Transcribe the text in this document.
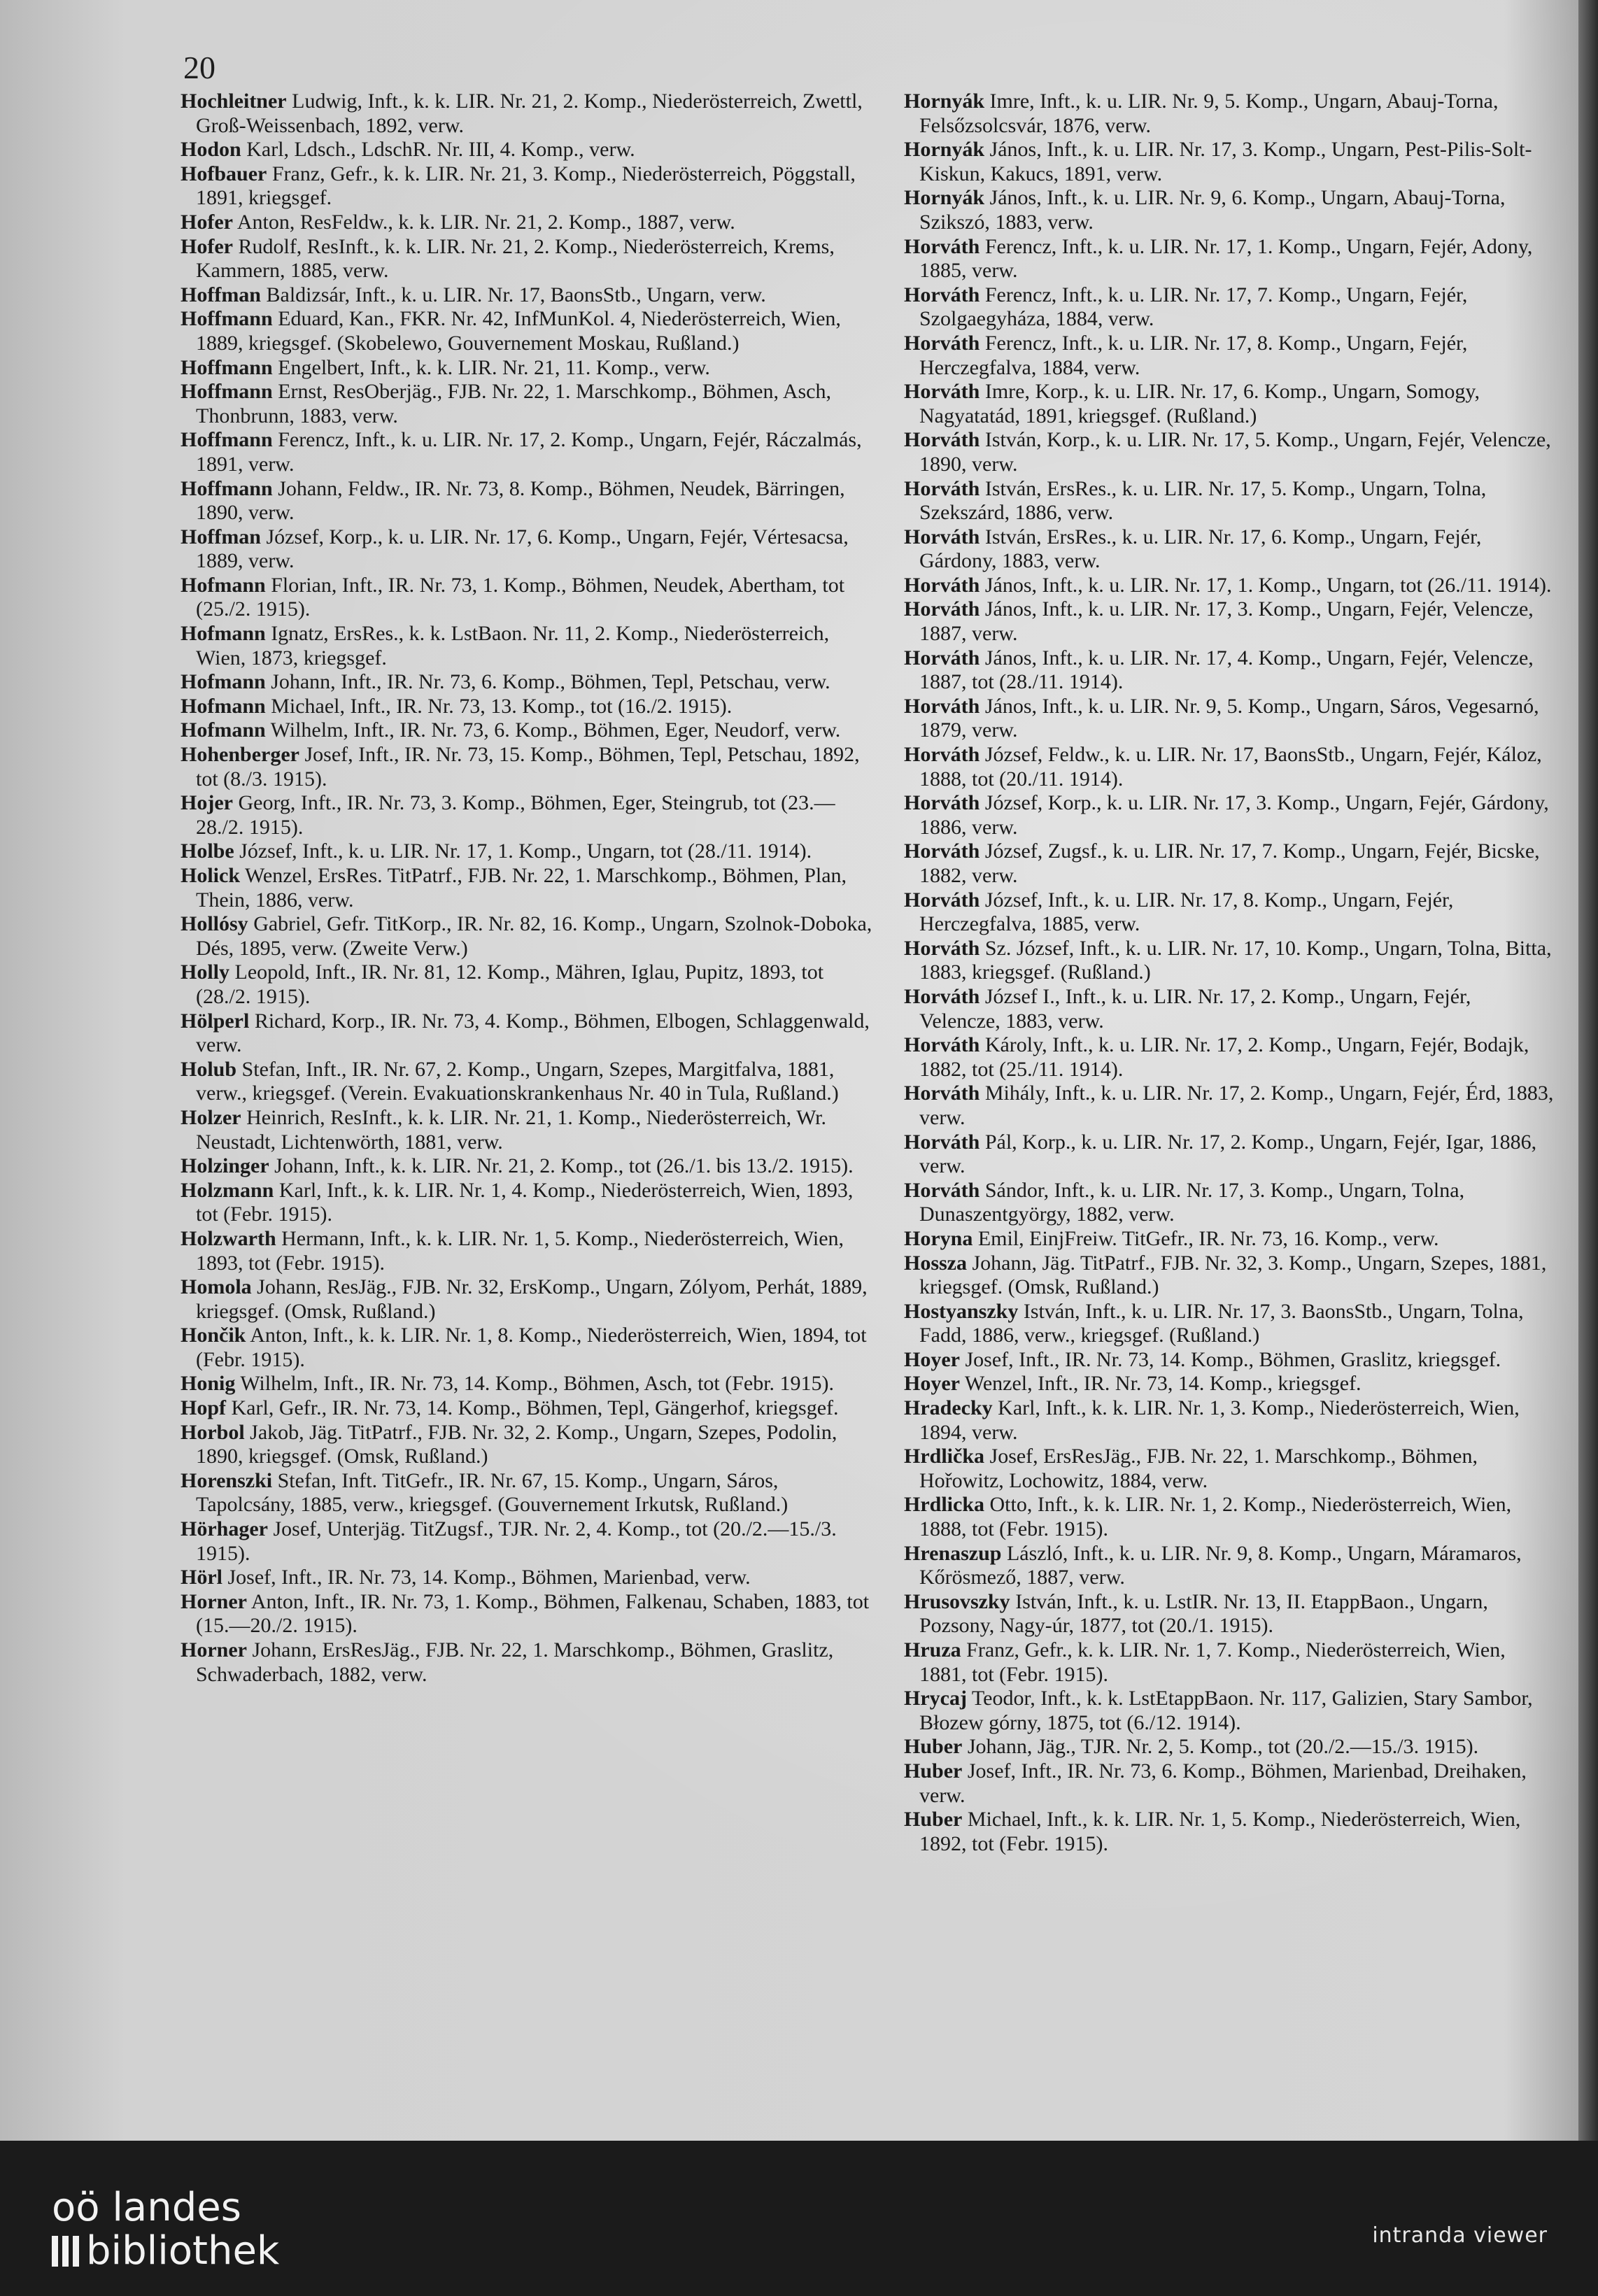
20

Hochleitner Ludwig, Inft., k. k. LIR. Nr. 21, 2. Komp., Niederösterreich, Zwettl, Groß-Weissenbach, 1892, verw.

Hodon Karl, Ldsch., LdschR. Nr. III, 4. Komp., verw.

Hofbauer Franz, Gefr., k. k. LIR. Nr. 21, 3. Komp., Niederösterreich, Pöggstall, 1891, kriegsgef.

Hofer Anton, ResFeldw., k. k. LIR. Nr. 21, 2. Komp., 1887, verw.

Hofer Rudolf, ResInft., k. k. LIR. Nr. 21, 2. Komp., Niederösterreich, Krems, Kammern, 1885, verw.

Hoffman Baldizsár, Inft., k. u. LIR. Nr. 17, BaonsStb., Ungarn, verw.

Hoffmann Eduard, Kan., FKR. Nr. 42, InfMunKol. 4, Niederösterreich, Wien, 1889, kriegsgef. (Skobelewo, Gouvernement Moskau, Rußland.)

Hoffmann Engelbert, Inft., k. k. LIR. Nr. 21, 11. Komp., verw.

Hoffmann Ernst, ResOberjäg., FJB. Nr. 22, 1. Marschkomp., Böhmen, Asch, Thonbrunn, 1883, verw.

Hoffmann Ferencz, Inft., k. u. LIR. Nr. 17, 2. Komp., Ungarn, Fejér, Ráczalmás, 1891, verw.

Hoffmann Johann, Feldw., IR. Nr. 73, 8. Komp., Böhmen, Neudek, Bärringen, 1890, verw.

Hoffman József, Korp., k. u. LIR. Nr. 17, 6. Komp., Ungarn, Fejér, Vértesacsa, 1889, verw.

Hofmann Florian, Inft., IR. Nr. 73, 1. Komp., Böhmen, Neudek, Abertham, tot (25./2. 1915).

Hofmann Ignatz, ErsRes., k. k. LstBaon. Nr. 11, 2. Komp., Niederösterreich, Wien, 1873, kriegsgef.

Hofmann Johann, Inft., IR. Nr. 73, 6. Komp., Böhmen, Tepl, Petschau, verw.

Hofmann Michael, Inft., IR. Nr. 73, 13. Komp., tot (16./2. 1915).

Hofmann Wilhelm, Inft., IR. Nr. 73, 6. Komp., Böhmen, Eger, Neudorf, verw.

Hohenberger Josef, Inft., IR. Nr. 73, 15. Komp., Böhmen, Tepl, Petschau, 1892, tot (8./3. 1915).

Hojer Georg, Inft., IR. Nr. 73, 3. Komp., Böhmen, Eger, Steingrub, tot (23.—28./2. 1915).

Holbe József, Inft., k. u. LIR. Nr. 17, 1. Komp., Ungarn, tot (28./11. 1914).

Holick Wenzel, ErsRes. TitPatrf., FJB. Nr. 22, 1. Marschkomp., Böhmen, Plan, Thein, 1886, verw.

Hollósy Gabriel, Gefr. TitKorp., IR. Nr. 82, 16. Komp., Ungarn, Szolnok-Doboka, Dés, 1895, verw. (Zweite Verw.)

Holly Leopold, Inft., IR. Nr. 81, 12. Komp., Mähren, Iglau, Pupitz, 1893, tot (28./2. 1915).

Hölperl Richard, Korp., IR. Nr. 73, 4. Komp., Böhmen, Elbogen, Schlaggenwald, verw.

Holub Stefan, Inft., IR. Nr. 67, 2. Komp., Ungarn, Szepes, Margitfalva, 1881, verw., kriegsgef. (Verein. Evakuationskrankenhaus Nr. 40 in Tula, Rußland.)

Holzer Heinrich, ResInft., k. k. LIR. Nr. 21, 1. Komp., Niederösterreich, Wr. Neustadt, Lichtenwörth, 1881, verw.

Holzinger Johann, Inft., k. k. LIR. Nr. 21, 2. Komp., tot (26./1. bis 13./2. 1915).

Holzmann Karl, Inft., k. k. LIR. Nr. 1, 4. Komp., Niederösterreich, Wien, 1893, tot (Febr. 1915).

Holzwarth Hermann, Inft., k. k. LIR. Nr. 1, 5. Komp., Niederösterreich, Wien, 1893, tot (Febr. 1915).

Homola Johann, ResJäg., FJB. Nr. 32, ErsKomp., Ungarn, Zólyom, Perhát, 1889, kriegsgef. (Omsk, Rußland.)

Hončik Anton, Inft., k. k. LIR. Nr. 1, 8. Komp., Niederösterreich, Wien, 1894, tot (Febr. 1915).

Honig Wilhelm, Inft., IR. Nr. 73, 14. Komp., Böhmen, Asch, tot (Febr. 1915).

Hopf Karl, Gefr., IR. Nr. 73, 14. Komp., Böhmen, Tepl, Gängerhof, kriegsgef.

Horbol Jakob, Jäg. TitPatrf., FJB. Nr. 32, 2. Komp., Ungarn, Szepes, Podolin, 1890, kriegsgef. (Omsk, Rußland.)

Horenszki Stefan, Inft. TitGefr., IR. Nr. 67, 15. Komp., Ungarn, Sáros, Tapolcsány, 1885, verw., kriegsgef. (Gouvernement Irkutsk, Rußland.)

Hörhager Josef, Unterjäg. TitZugsf., TJR. Nr. 2, 4. Komp., tot (20./2.—15./3. 1915).

Hörl Josef, Inft., IR. Nr. 73, 14. Komp., Böhmen, Marienbad, verw.

Horner Anton, Inft., IR. Nr. 73, 1. Komp., Böhmen, Falkenau, Schaben, 1883, tot (15.—20./2. 1915).

Horner Johann, ErsResJäg., FJB. Nr. 22, 1. Marschkomp., Böhmen, Graslitz, Schwaderbach, 1882, verw.

Hornyák Imre, Inft., k. u. LIR. Nr. 9, 5. Komp., Ungarn, Abauj-Torna, Felsőzsolcsvár, 1876, verw.

Hornyák János, Inft., k. u. LIR. Nr. 17, 3. Komp., Ungarn, Pest-Pilis-Solt-Kiskun, Kakucs, 1891, verw.

Hornyák János, Inft., k. u. LIR. Nr. 9, 6. Komp., Ungarn, Abauj-Torna, Szikszó, 1883, verw.

Horváth Ferencz, Inft., k. u. LIR. Nr. 17, 1. Komp., Ungarn, Fejér, Adony, 1885, verw.

Horváth Ferencz, Inft., k. u. LIR. Nr. 17, 7. Komp., Ungarn, Fejér, Szolgaegyháza, 1884, verw.

Horváth Ferencz, Inft., k. u. LIR. Nr. 17, 8. Komp., Ungarn, Fejér, Herczegfalva, 1884, verw.

Horváth Imre, Korp., k. u. LIR. Nr. 17, 6. Komp., Ungarn, Somogy, Nagyatatád, 1891, kriegsgef. (Rußland.)

Horváth István, Korp., k. u. LIR. Nr. 17, 5. Komp., Ungarn, Fejér, Velencze, 1890, verw.

Horváth István, ErsRes., k. u. LIR. Nr. 17, 5. Komp., Ungarn, Tolna, Szekszárd, 1886, verw.

Horváth István, ErsRes., k. u. LIR. Nr. 17, 6. Komp., Ungarn, Fejér, Gárdony, 1883, verw.

Horváth János, Inft., k. u. LIR. Nr. 17, 1. Komp., Ungarn, tot (26./11. 1914).

Horváth János, Inft., k. u. LIR. Nr. 17, 3. Komp., Ungarn, Fejér, Velencze, 1887, verw.

Horváth János, Inft., k. u. LIR. Nr. 17, 4. Komp., Ungarn, Fejér, Velencze, 1887, tot (28./11. 1914).

Horváth János, Inft., k. u. LIR. Nr. 9, 5. Komp., Ungarn, Sáros, Vegesarnó, 1879, verw.

Horváth József, Feldw., k. u. LIR. Nr. 17, BaonsStb., Ungarn, Fejér, Káloz, 1888, tot (20./11. 1914).

Horváth József, Korp., k. u. LIR. Nr. 17, 3. Komp., Ungarn, Fejér, Gárdony, 1886, verw.

Horváth József, Zugsf., k. u. LIR. Nr. 17, 7. Komp., Ungarn, Fejér, Bicske, 1882, verw.

Horváth József, Inft., k. u. LIR. Nr. 17, 8. Komp., Ungarn, Fejér, Herczegfalva, 1885, verw.

Horváth Sz. József, Inft., k. u. LIR. Nr. 17, 10. Komp., Ungarn, Tolna, Bitta, 1883, kriegsgef. (Rußland.)

Horváth József I., Inft., k. u. LIR. Nr. 17, 2. Komp., Ungarn, Fejér, Velencze, 1883, verw.

Horváth Károly, Inft., k. u. LIR. Nr. 17, 2. Komp., Ungarn, Fejér, Bodajk, 1882, tot (25./11. 1914).

Horváth Mihály, Inft., k. u. LIR. Nr. 17, 2. Komp., Ungarn, Fejér, Érd, 1883, verw.

Horváth Pál, Korp., k. u. LIR. Nr. 17, 2. Komp., Ungarn, Fejér, Igar, 1886, verw.

Horváth Sándor, Inft., k. u. LIR. Nr. 17, 3. Komp., Ungarn, Tolna, Dunaszentgyörgy, 1882, verw.

Horyna Emil, EinjFreiw. TitGefr., IR. Nr. 73, 16. Komp., verw.

Hossza Johann, Jäg. TitPatrf., FJB. Nr. 32, 3. Komp., Ungarn, Szepes, 1881, kriegsgef. (Omsk, Rußland.)

Hostyanszky István, Inft., k. u. LIR. Nr. 17, 3. BaonsStb., Ungarn, Tolna, Fadd, 1886, verw., kriegsgef. (Rußland.)

Hoyer Josef, Inft., IR. Nr. 73, 14. Komp., Böhmen, Graslitz, kriegsgef.

Hoyer Wenzel, Inft., IR. Nr. 73, 14. Komp., kriegsgef.

Hradecky Karl, Inft., k. k. LIR. Nr. 1, 3. Komp., Niederösterreich, Wien, 1894, verw.

Hrdlička Josef, ErsResJäg., FJB. Nr. 22, 1. Marschkomp., Böhmen, Hořowitz, Lochowitz, 1884, verw.

Hrdlicka Otto, Inft., k. k. LIR. Nr. 1, 2. Komp., Niederösterreich, Wien, 1888, tot (Febr. 1915).

Hrenaszup László, Inft., k. u. LIR. Nr. 9, 8. Komp., Ungarn, Máramaros, Kőrösmező, 1887, verw.

Hrusovszky István, Inft., k. u. LstIR. Nr. 13, II. EtappBaon., Ungarn, Pozsony, Nagy-úr, 1877, tot (20./1. 1915).

Hruza Franz, Gefr., k. k. LIR. Nr. 1, 7. Komp., Niederösterreich, Wien, 1881, tot (Febr. 1915).

Hrycaj Teodor, Inft., k. k. LstEtappBaon. Nr. 117, Galizien, Stary Sambor, Błozew górny, 1875, tot (6./12. 1914).

Huber Johann, Jäg., TJR. Nr. 2, 5. Komp., tot (20./2.—15./3. 1915).

Huber Josef, Inft., IR. Nr. 73, 6. Komp., Böhmen, Marienbad, Dreihaken, verw.

Huber Michael, Inft., k. k. LIR. Nr. 1, 5. Komp., Niederösterreich, Wien, 1892, tot (Febr. 1915).

oö landes
bibliothek	intranda viewer
